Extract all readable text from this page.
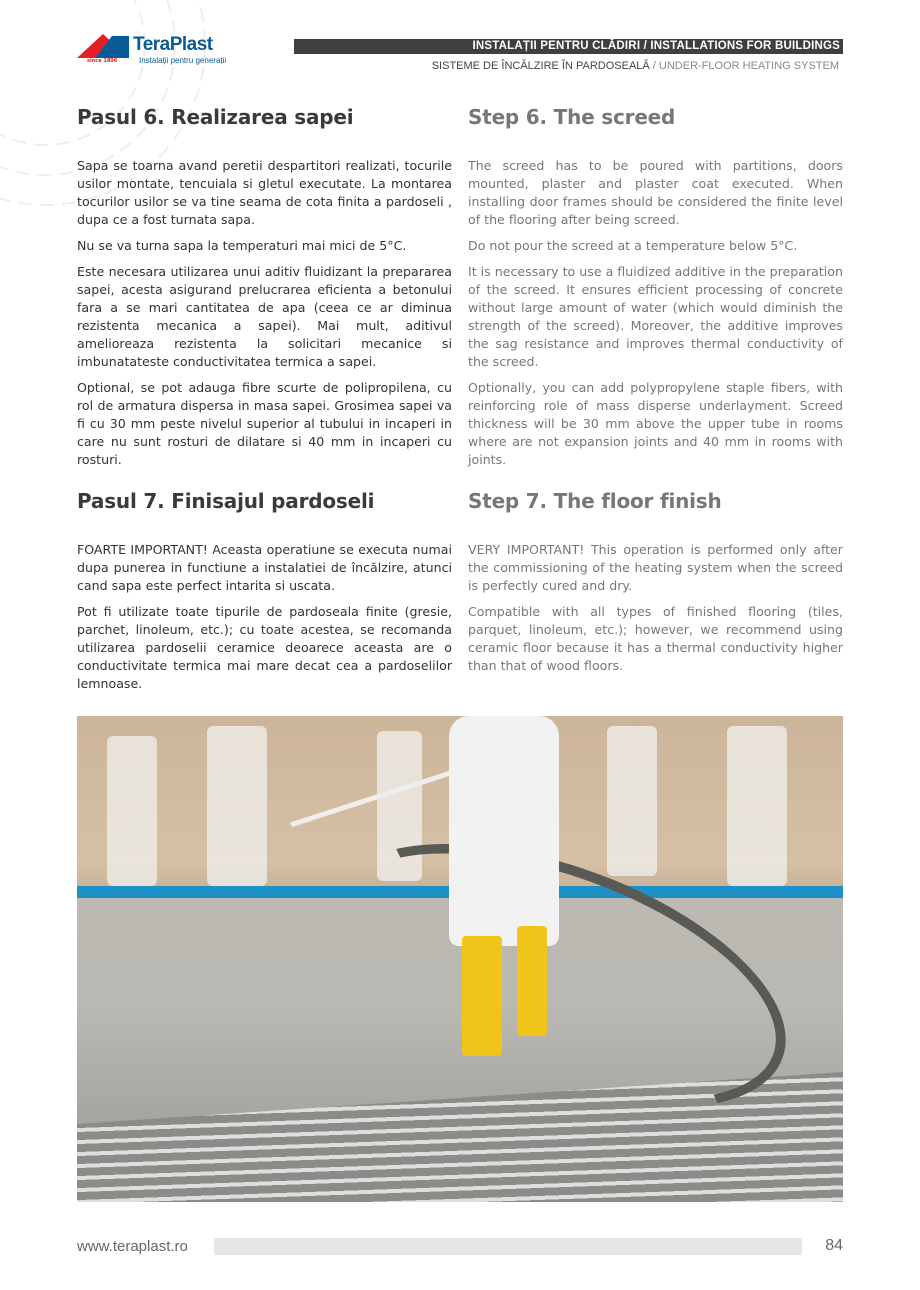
since 1896
TeraPlast
Instalații pentru generații
INSTALAȚII PENTRU CLĂDIRI / INSTALLATIONS FOR BUILDINGS
SISTEME DE ÎNCĂLZIRE ÎN PARDOSEALĂ / UNDER-FLOOR HEATING SYSTEM
Pasul 6. Realizarea sapei

Sapa se toarna avand peretii despartitori realizati, tocurile usilor montate, tencuiala si gletul executate. La montarea tocurilor usilor se va tine seama de cota finita a pardoseli , dupa ce a fost turnata sapa.

Nu se va turna sapa la temperaturi mai mici de 5°C.

Este necesara utilizarea unui aditiv fluidizant la prepararea sapei, acesta asigurand prelucrarea eficienta a betonului fara a se mari cantitatea de apa (ceea ce ar diminua rezistenta mecanica a sapei). Mai mult, aditivul amelioreaza rezistenta la solicitari mecanice si imbunatateste conductivitatea termica a sapei.

Optional, se pot adauga fibre scurte de polipropilena, cu rol de armatura dispersa in masa sapei. Grosimea sapei va fi cu 30 mm peste nivelul superior al tubului in incaperi in care nu sunt rosturi de dilatare si 40 mm in incaperi cu rosturi.

Step 6. The screed

The screed has to be poured with partitions, doors mounted, plaster and plaster coat executed. When installing door frames should be considered the finite level of the flooring after being screed.

Do not pour the screed at a temperature below 5°C.

It is necessary to use a fluidized additive in the preparation of the screed. It ensures efficient processing of concrete without large amount of water (which would diminish the strength of the screed). Moreover, the additive improves the sag resistance and improves thermal conductivity of the screed.

Optionally, you can add polypropylene staple fibers, with reinforcing role of mass disperse underlayment. Screed thickness will be 30 mm above the upper tube in rooms where are not expansion joints and 40 mm in rooms with joints.

Pasul 7. Finisajul pardoseli

FOARTE IMPORTANT! Aceasta operatiune se executa numai dupa punerea in functiune a instalatiei de încălzire, atunci cand sapa este perfect intarita si uscata.

Pot fi utilizate toate tipurile de pardoseala finite (gresie, parchet, linoleum, etc.); cu toate acestea, se recomanda utilizarea pardoselii ceramice deoarece aceasta are o conductivitate termica mai mare decat cea a pardoselilor lemnoase.

Step 7. The floor finish

VERY IMPORTANT! This operation is performed only after the commissioning of the heating system when the screed is perfectly cured and dry.

Compatible with all types of finished flooring (tiles, parquet, linoleum, etc.); however, we recommend using ceramic floor because it has a thermal conductivity higher than that of wood floors.

www.teraplast.ro	84
